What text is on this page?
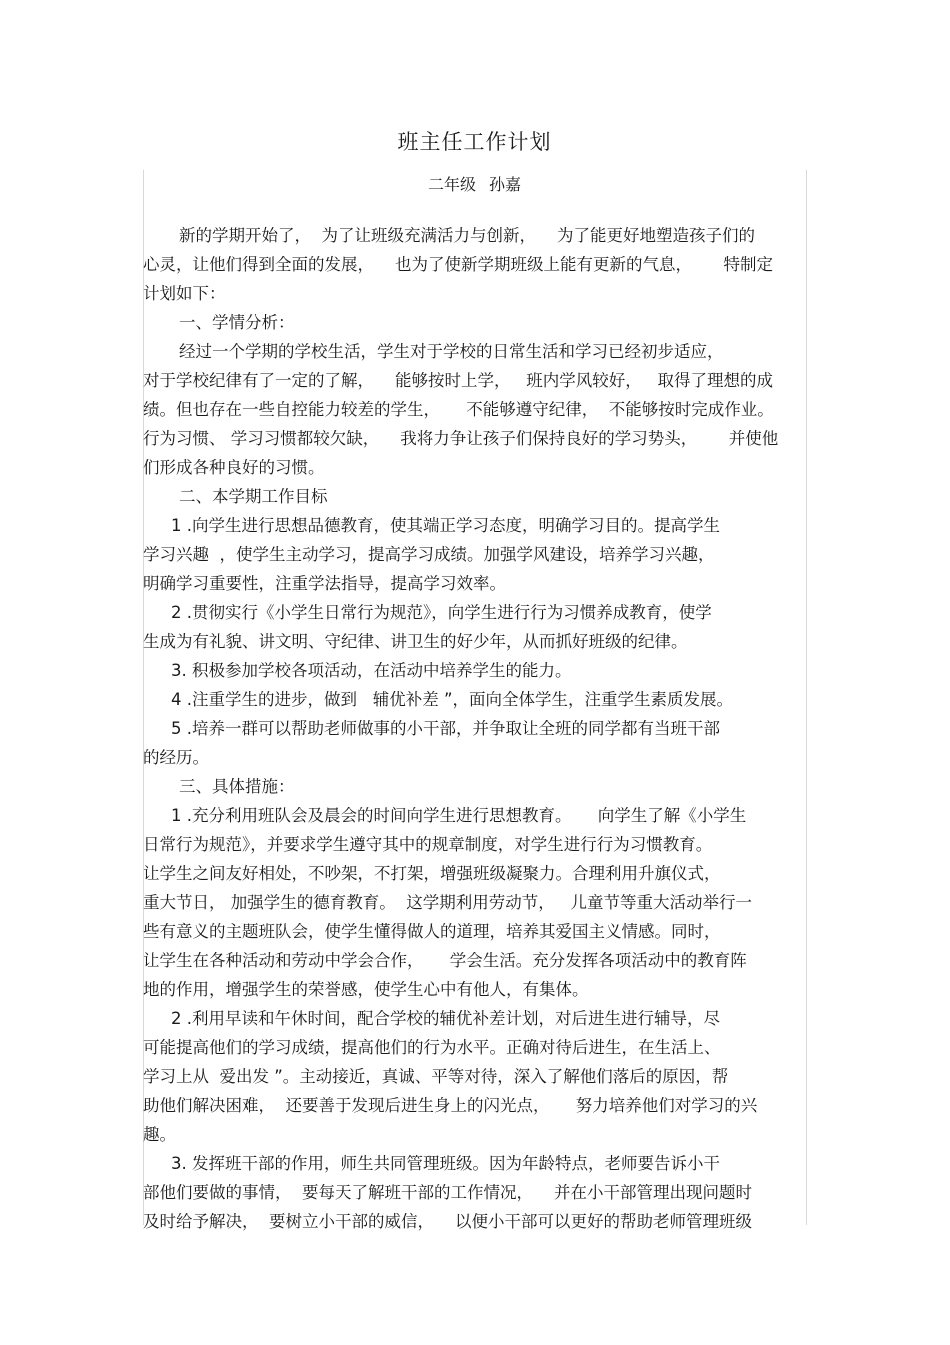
班主任工作计划
二年级 孙嘉
新的学期开始了，  为了让班级充满活力与创新，    为了能更好地塑造孩子们的
心灵，让他们得到全面的发展，    也为了使新学期班级上能有更新的气息，      特制定
计划如下：
一、学情分析：
经过一个学期的学校生活，学生对于学校的日常生活和学习已经初步适应，
对于学校纪律有了一定的了解，    能够按时上学，   班内学风较好，   取得了理想的成
绩。但也存在一些自控能力较差的学生，     不能够遵守纪律，  不能够按时完成作业。
行为习惯、 学习习惯都较欠缺，    我将力争让孩子们保持良好的学习势头，      并使他
们形成各种良好的习惯。
二、本学期工作目标
1 .向学生进行思想品德教育，使其端正学习态度，明确学习目的。提高学生
学习兴趣  ，使学生主动学习，提高学习成绩。加强学风建设，培养学习兴趣，
明确学习重要性，注重学法指导，提高学习效率。
2 .贯彻实行《小学生日常行为规范》，向学生进行行为习惯养成教育，使学
生成为有礼貌、讲文明、守纪律、讲卫生的好少年，从而抓好班级的纪律。
3. 积极参加学校各项活动，在活动中培养学生的能力。
4 .注重学生的进步，做到   辅优补差 ”，面向全体学生，注重学生素质发展。
5 .培养一群可以帮助老师做事的小干部，并争取让全班的同学都有当班干部
的经历。
三、具体措施：
1 .充分利用班队会及晨会的时间向学生进行思想教育。     向学生了解《小学生
日常行为规范》，并要求学生遵守其中的规章制度，对学生进行行为习惯教育。
让学生之间友好相处，不吵架，不打架，增强班级凝聚力。合理利用升旗仪式，
重大节日， 加强学生的德育教育。  这学期利用劳动节，   儿童节等重大活动举行一
些有意义的主题班队会，使学生懂得做人的道理，培养其爱国主义情感。同时，
让学生在各种活动和劳动中学会合作，     学会生活。充分发挥各项活动中的教育阵
地的作用，增强学生的荣誉感，使学生心中有他人，有集体。
2 .利用早读和午休时间，配合学校的辅优补差计划，对后进生进行辅导，尽
可能提高他们的学习成绩，提高他们的行为水平。正确对待后进生，在生活上、
学习上从  爱出发 ”。主动接近，真诚、平等对待，深入了解他们落后的原因，帮
助他们解决困难，  还要善于发现后进生身上的闪光点，     努力培养他们对学习的兴
趣。
3. 发挥班干部的作用，师生共同管理班级。因为年龄特点，老师要告诉小干
部他们要做的事情，  要每天了解班干部的工作情况，    并在小干部管理出现问题时
及时给予解决，  要树立小干部的威信，    以便小干部可以更好的帮助老师管理班级
